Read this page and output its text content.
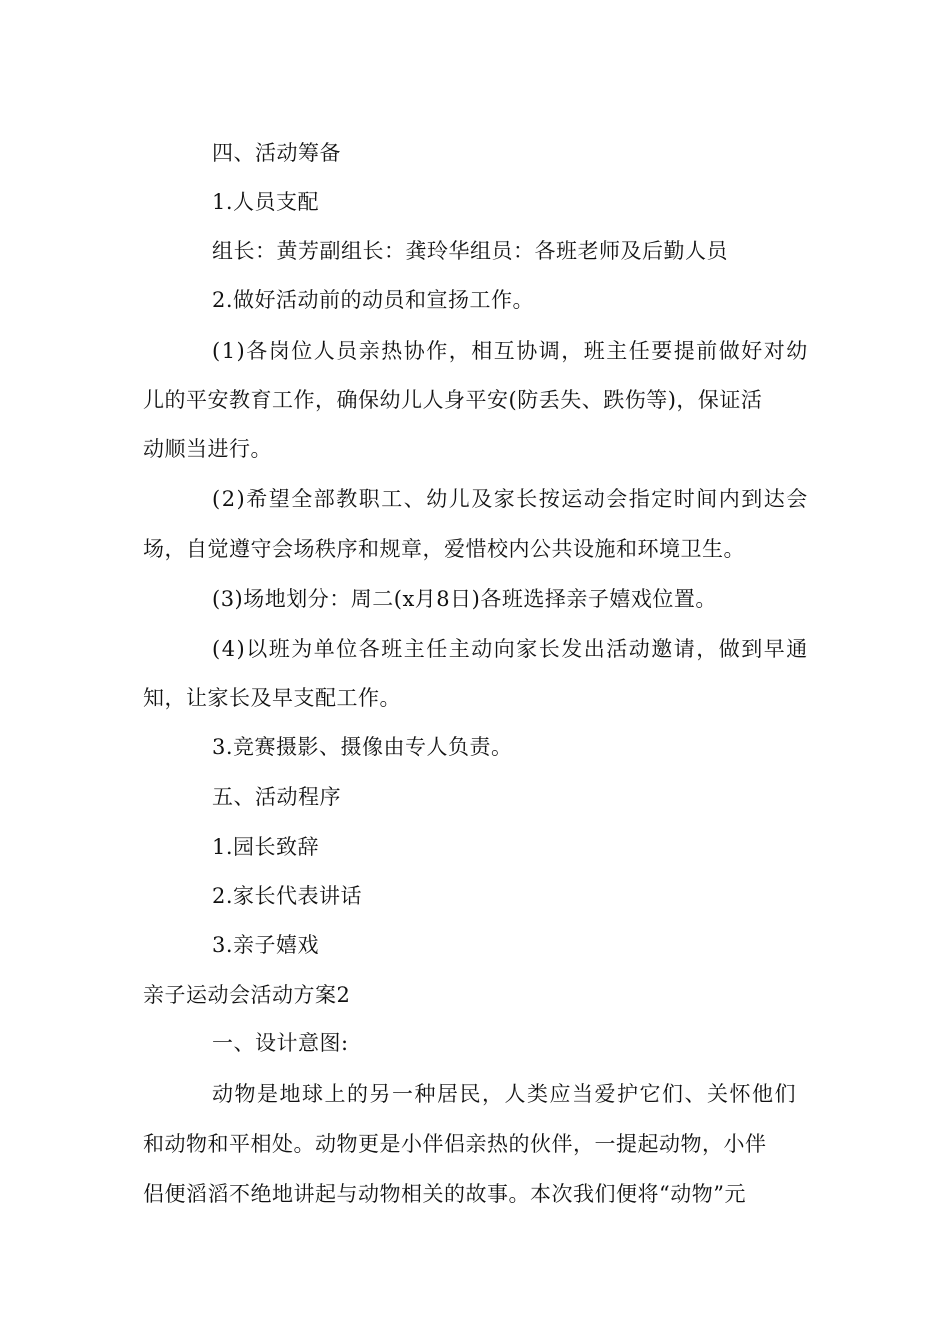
四、活动筹备
1.人员支配
组长：黄芳副组长：龚玲华组员：各班老师及后勤人员
2.做好活动前的动员和宣扬工作。
(1)各岗位人员亲热协作，相互协调，班主任要提前做好对幼
儿的平安教育工作，确保幼儿人身平安(防丢失、跌伤等)，保证活
动顺当进行。
(2)希望全部教职工、幼儿及家长按运动会指定时间内到达会
场，自觉遵守会场秩序和规章，爱惜校内公共设施和环境卫生。
(3)场地划分：周二(x月8日)各班选择亲子嬉戏位置。
(4)以班为单位各班主任主动向家长发出活动邀请，做到早通
知，让家长及早支配工作。
3.竞赛摄影、摄像由专人负责。
五、活动程序
1.园长致辞
2.家长代表讲话
3.亲子嬉戏
亲子运动会活动方案2
一、设计意图:
动物是地球上的另一种居民，人类应当爱护它们、关怀他们
和动物和平相处。动物更是小伴侣亲热的伙伴，一提起动物，小伴
侣便滔滔不绝地讲起与动物相关的故事。本次我们便将“动物”元
